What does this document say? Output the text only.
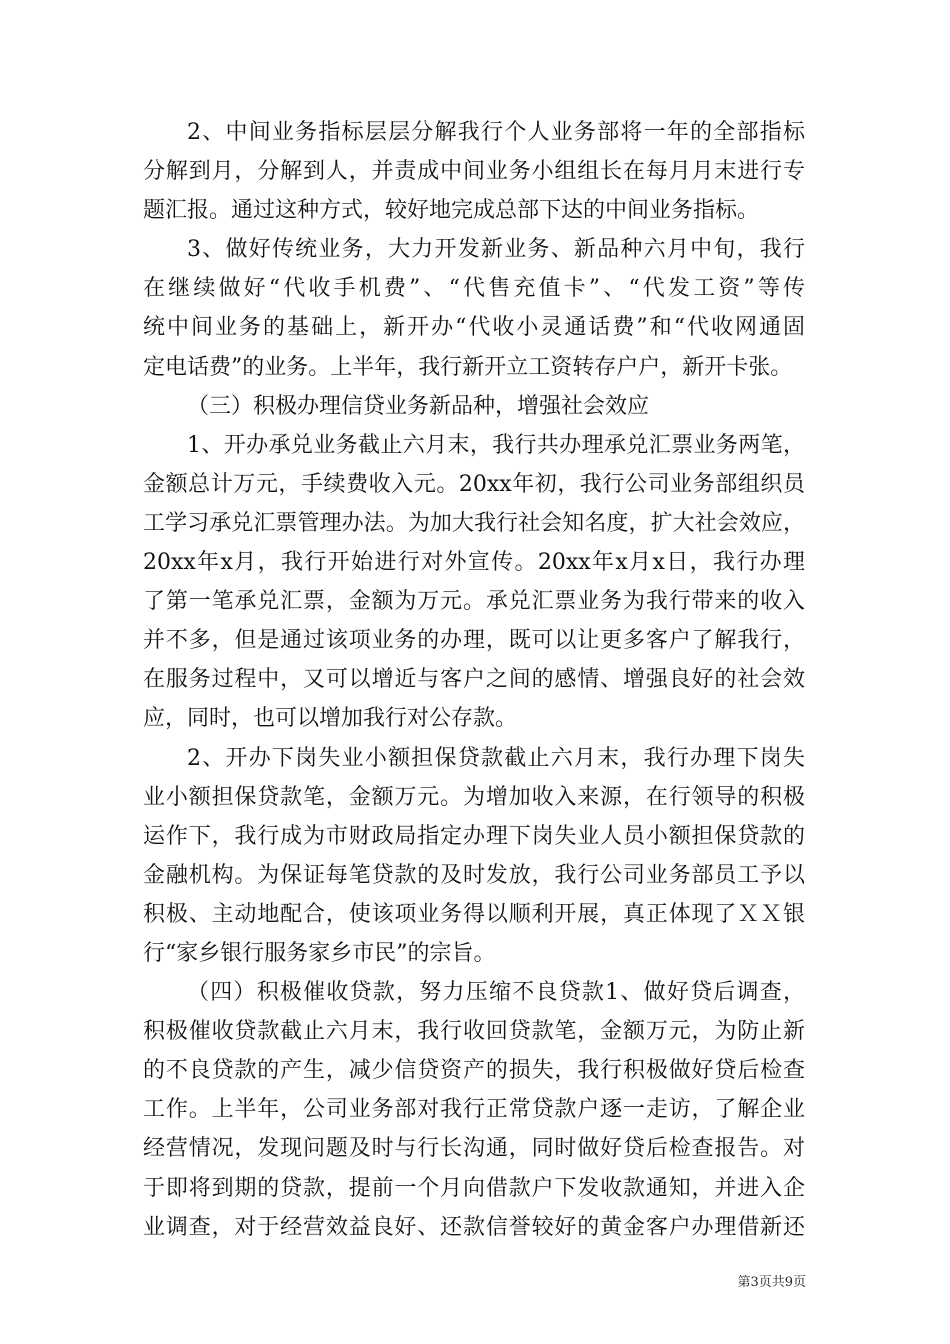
2、中间业务指标层层分解我行个人业务部将一年的全部指标
分解到月，分解到人，并责成中间业务小组组长在每月月末进行专
题汇报。通过这种方式，较好地完成总部下达的中间业务指标。
3、做好传统业务，大力开发新业务、新品种六月中旬，我行
在继续做好“代收手机费”、“代售充值卡”、“代发工资”等传
统中间业务的基础上，新开办“代收小灵通话费”和“代收网通固
定电话费”的业务。上半年，我行新开立工资转存户户，新开卡张。
（三）积极办理信贷业务新品种，增强社会效应
1、开办承兑业务截止六月末，我行共办理承兑汇票业务两笔，
金额总计万元，手续费收入元。20xx年初，我行公司业务部组织员
工学习承兑汇票管理办法。为加大我行社会知名度，扩大社会效应，
20xx年x月，我行开始进行对外宣传。20xx年x月x日，我行办理
了第一笔承兑汇票，金额为万元。承兑汇票业务为我行带来的收入
并不多，但是通过该项业务的办理，既可以让更多客户了解我行，
在服务过程中，又可以增近与客户之间的感情、增强良好的社会效
应，同时，也可以增加我行对公存款。
2、开办下岗失业小额担保贷款截止六月末，我行办理下岗失
业小额担保贷款笔，金额万元。为增加收入来源，在行领导的积极
运作下，我行成为市财政局指定办理下岗失业人员小额担保贷款的
金融机构。为保证每笔贷款的及时发放，我行公司业务部员工予以
积极、主动地配合，使该项业务得以顺利开展，真正体现了ＸＸ银
行“家乡银行服务家乡市民”的宗旨。
（四）积极催收贷款，努力压缩不良贷款1、做好贷后调查，
积极催收贷款截止六月末，我行收回贷款笔，金额万元，为防止新
的不良贷款的产生，减少信贷资产的损失，我行积极做好贷后检查
工作。上半年，公司业务部对我行正常贷款户逐一走访，了解企业
经营情况，发现问题及时与行长沟通，同时做好贷后检查报告。对
于即将到期的贷款，提前一个月向借款户下发收款通知，并进入企
业调查，对于经营效益良好、还款信誉较好的黄金客户办理借新还
第3页共9页
